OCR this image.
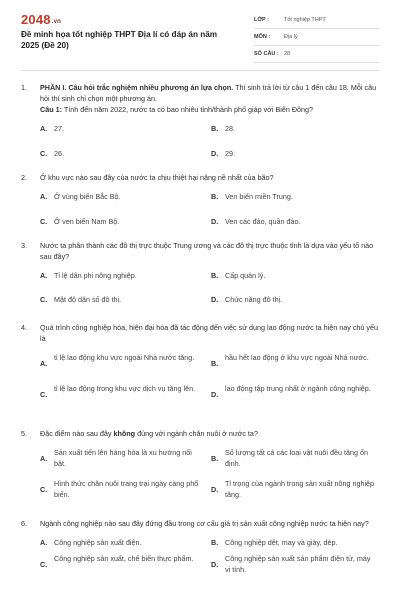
2048.vn
Đề minh họa tốt nghiệp THPT Địa lí có đáp án năm 2025 (Đề 20)
LỚP :	Tốt nghiệp THPT
MÔN :	Địa lý
SỐ CÂU : 28
1.	PHẦN I. Câu hỏi trắc nghiệm nhiều phương án lựa chọn. Thí sinh trả lời từ câu 1 đến câu 18. Mỗi câu hỏi thí sinh chỉ chọn một phương án.

Câu 1: Tính đến năm 2022, nước ta có bao nhiêu tỉnh/thành phố giáp với Biển Đông?

A. 27.	B. 28.
C. 26.	D. 29.
2.	Ở khu vực nào sau đây của nước ta chịu thiệt hại nặng nề nhất của bão?

A. Ở vùng biển Bắc Bộ.	B. Ven biển miền Trung.
C. Ở ven biển Nam Bộ.	D. Ven các đảo, quần đảo.
3.	Nước ta phân thành các đô thị trực thuộc Trung ương và các đô thị trực thuộc tỉnh là dựa vào yếu tố nào sau đây?

A. Tỉ lệ dân phi nông nghiệp.	B. Cấp quản lý.
C. Mật độ dân số đô thị.	D. Chức năng đô thị.
4.	Quá trình công nghiệp hóa, hiện đại hóa đã tác động đến việc sử dụng lao động nước ta hiện nay chủ yếu là

A.
tỉ lệ lao động khu vực ngoài Nhà nước tăng.
B.
hầu hết lao động ở khu vực ngoài Nhà nước.
C.
tỉ lệ lao động trong khu vực dịch vụ tăng lên.
D.
lao động tập trung nhất ở ngành công nghiệp.
5.	Đặc điểm nào sau đây không đúng với ngành chăn nuôi ở nước ta?

A.
Sản xuất tiến lên hàng hóa là xu hướng nổi bật.
B.
Số lượng tất cả các loại vật nuôi đều tăng ổn định.
C.
Hình thức chăn nuôi trang trại ngày càng phổ biến.
D.
Tỉ trọng của ngành trong sản xuất nông nghiệp tăng.
6.	Ngành công nghiệp nào sau đây đứng đầu trong cơ cấu giá trị sản xuất công nghiệp nước ta hiện nay?

A. Công nghiệp sản xuất điện.	B. Công nghiệp dệt, may và giày, dép.
C.
Công nghiệp sản xuất, chế biến thực phẩm.
D.
Công nghiệp sản xuất sản phẩm điện tử, máy vi tính.
